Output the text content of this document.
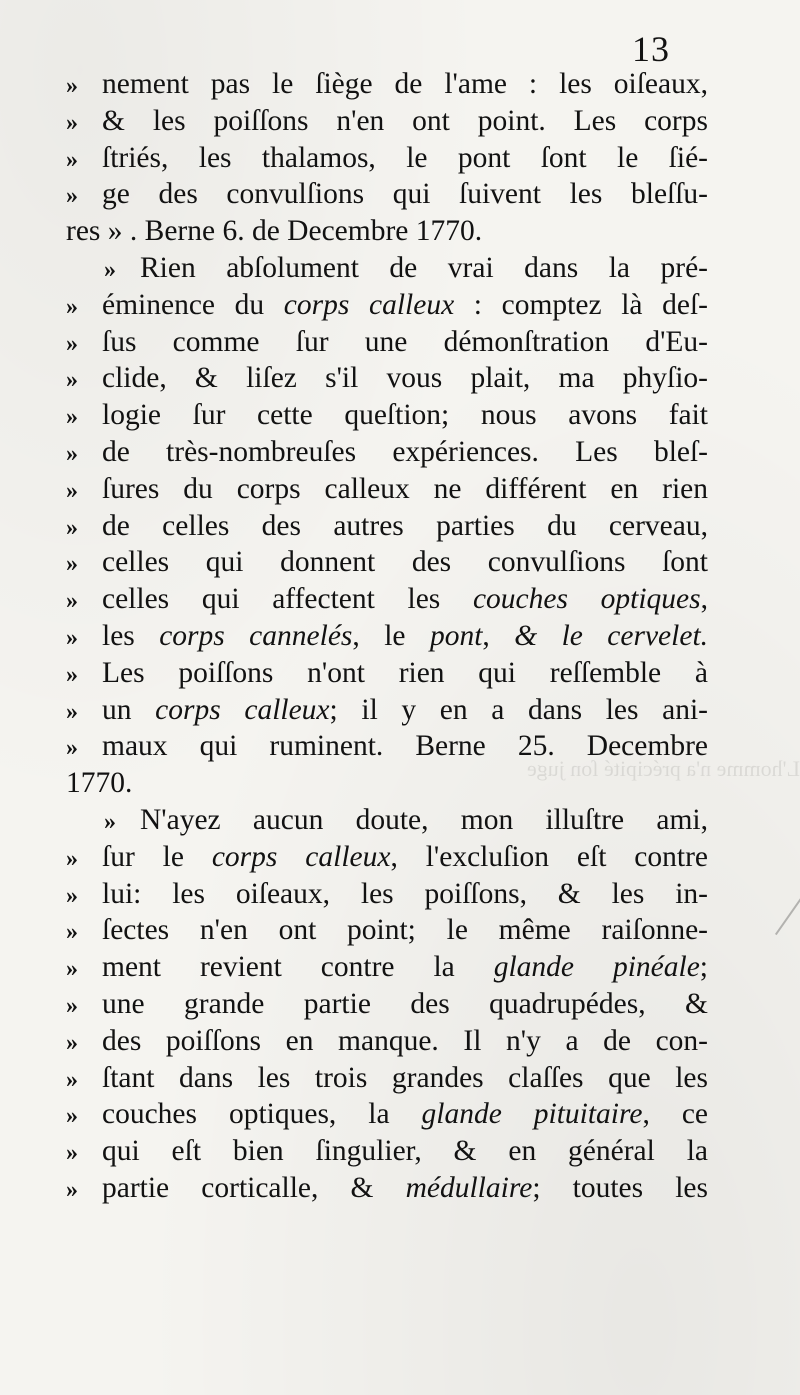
13
L'homme n'a précipité ſon juge
» nement pas le ſiège de l'ame : les oiſeaux,
» & les poiſſons n'en ont point. Les corps
» ſtriés, les thalamos, le pont ſont le ſié-
» ge des convulſions qui ſuivent les bleſſu-
res » . Berne 6. de Decembre 1770.
» Rien abſolument de vrai dans la pré-
» éminence du corps calleux : comptez là deſ-
» ſus comme ſur une démonſtration d'Eu-
» clide, & liſez s'il vous plait, ma phyſio-
» logie ſur cette queſtion; nous avons fait
» de très-nombreuſes expériences. Les bleſ-
» ſures du corps calleux ne différent en rien
» de celles des autres parties du cerveau,
» celles qui donnent des convulſions ſont
» celles qui affectent les couches optiques,
» les corps cannelés, le pont, & le cervelet.
» Les poiſſons n'ont rien qui reſſemble à
» un corps calleux; il y en a dans les ani-
» maux qui ruminent. Berne 25. Decembre
1770.
» N'ayez aucun doute, mon illuſtre ami,
» ſur le corps calleux, l'excluſion eſt contre
» lui: les oiſeaux, les poiſſons, & les in-
» ſectes n'en ont point; le même raiſonne-
» ment revient contre la glande pinéale;
» une grande partie des quadrupédes, &
» des poiſſons en manque. Il n'y a de con-
» ſtant dans les trois grandes claſſes que les
» couches optiques, la glande pituitaire, ce
» qui eſt bien ſingulier, & en général la
» partie corticalle, & médullaire; toutes les
